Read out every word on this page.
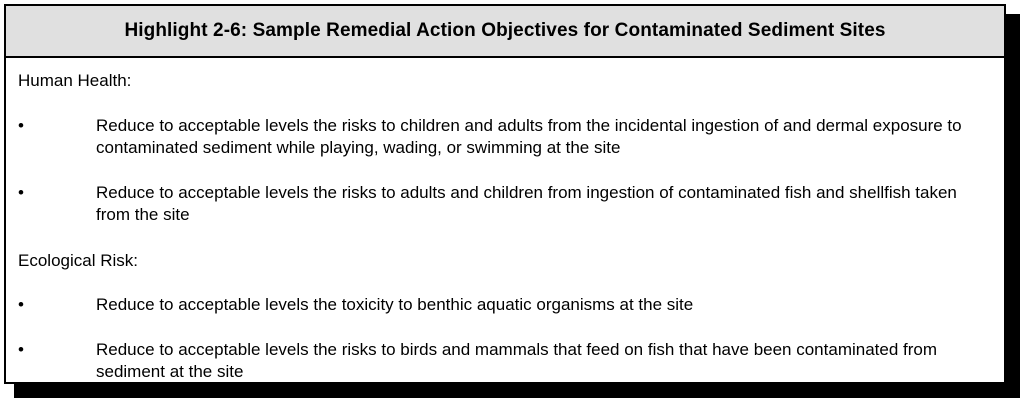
Highlight 2-6: Sample Remedial Action Objectives for Contaminated Sediment Sites

Human Health:

•	Reduce to acceptable levels the risks to children and adults from the incidental ingestion of and dermal exposure to contaminated sediment while playing, wading, or swimming at the site
•	Reduce to acceptable levels the risks to adults and children from ingestion of contaminated fish and shellfish taken from the site

Ecological Risk:

•	Reduce to acceptable levels the toxicity to benthic aquatic organisms at the site
•	Reduce to acceptable levels the risks to birds and mammals that feed on fish that have been contaminated from sediment at the site
